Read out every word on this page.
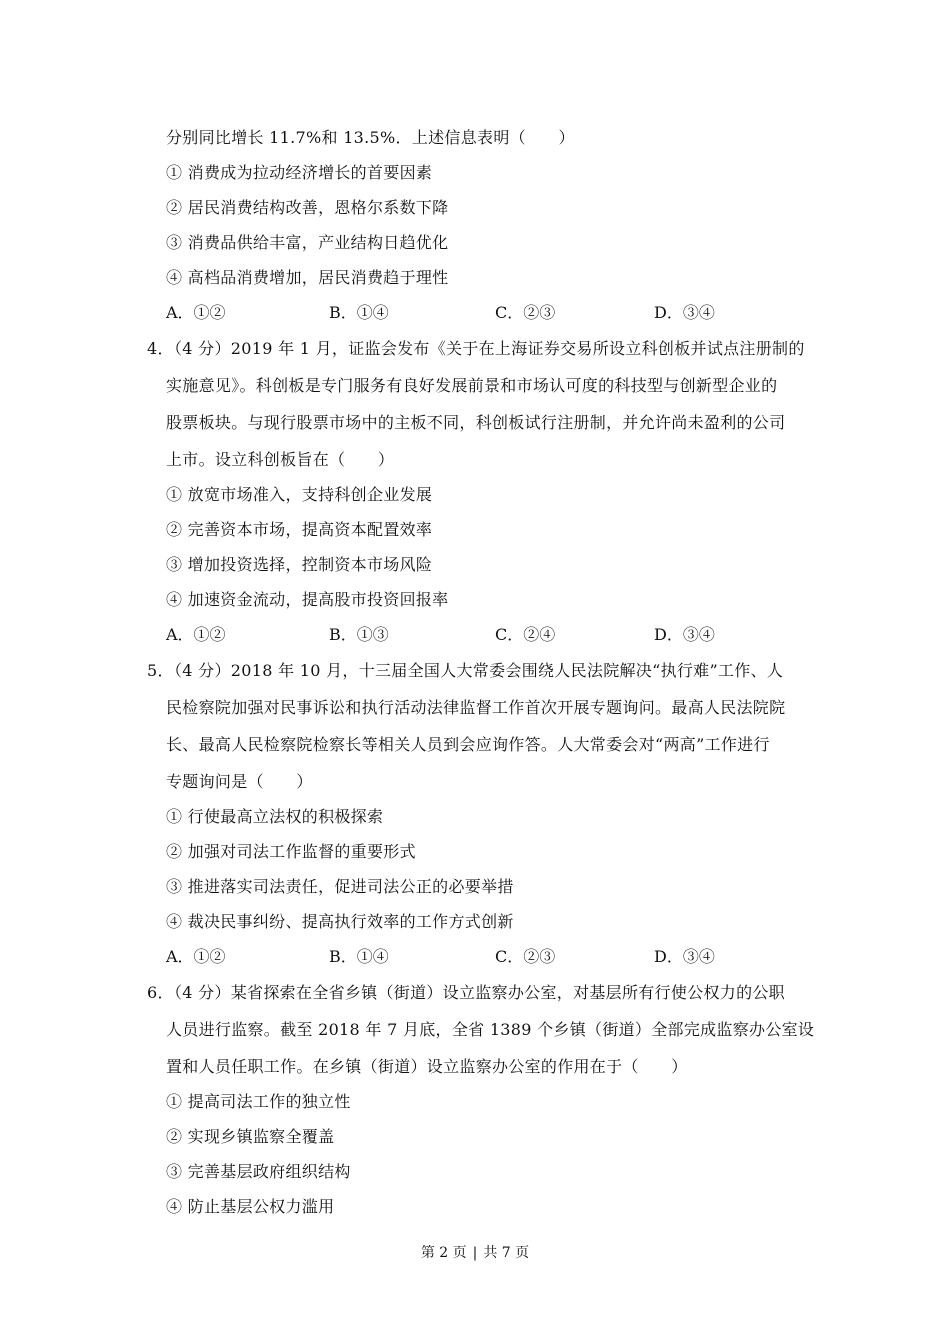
分别同比增长 11.7%和 13.5%．上述信息表明（　　）
① 消费成为拉动经济增长的首要因素
② 居民消费结构改善，恩格尔系数下降
③ 消费品供给丰富，产业结构日趋优化
④ 高档品消费增加，居民消费趋于理性
A．①②	B．①④	C．②③	D．③④
4．
（4 分）2019 年 1 月，证监会发布《关于在上海证券交易所设立科创板并试点注册制的
实施意见》。科创板是专门服务有良好发展前景和市场认可度的科技型与创新型企业的
股票板块。与现行股票市场中的主板不同，科创板试行注册制，并允许尚未盈利的公司
上市。设立科创板旨在（　　）
① 放宽市场准入，支持科创企业发展
② 完善资本市场，提高资本配置效率
③ 增加投资选择，控制资本市场风险
④ 加速资金流动，提高股市投资回报率
A．①②	B．①③	C．②④	D．③④
5．
（4 分）2018 年 10 月，十三届全国人大常委会围绕人民法院解决“执行难”工作、人
民检察院加强对民事诉讼和执行活动法律监督工作首次开展专题询问。最高人民法院院
长、最高人民检察院检察长等相关人员到会应询作答。人大常委会对“两高”工作进行
专题询问是（　　）
① 行使最高立法权的积极探索
② 加强对司法工作监督的重要形式
③ 推进落实司法责任，促进司法公正的必要举措
④ 裁决民事纠纷、提高执行效率的工作方式创新
A．①②	B．①④	C．②③	D．③④
6．
（4 分）某省探索在全省乡镇（街道）设立监察办公室，对基层所有行使公权力的公职
人员进行监察。截至 2018 年 7 月底，全省 1389 个乡镇（街道）全部完成监察办公室设
置和人员任职工作。在乡镇（街道）设立监察办公室的作用在于（　　）
① 提高司法工作的独立性
② 实现乡镇监察全覆盖
③ 完善基层政府组织结构
④ 防止基层公权力滥用
第 2 页 | 共 7 页
